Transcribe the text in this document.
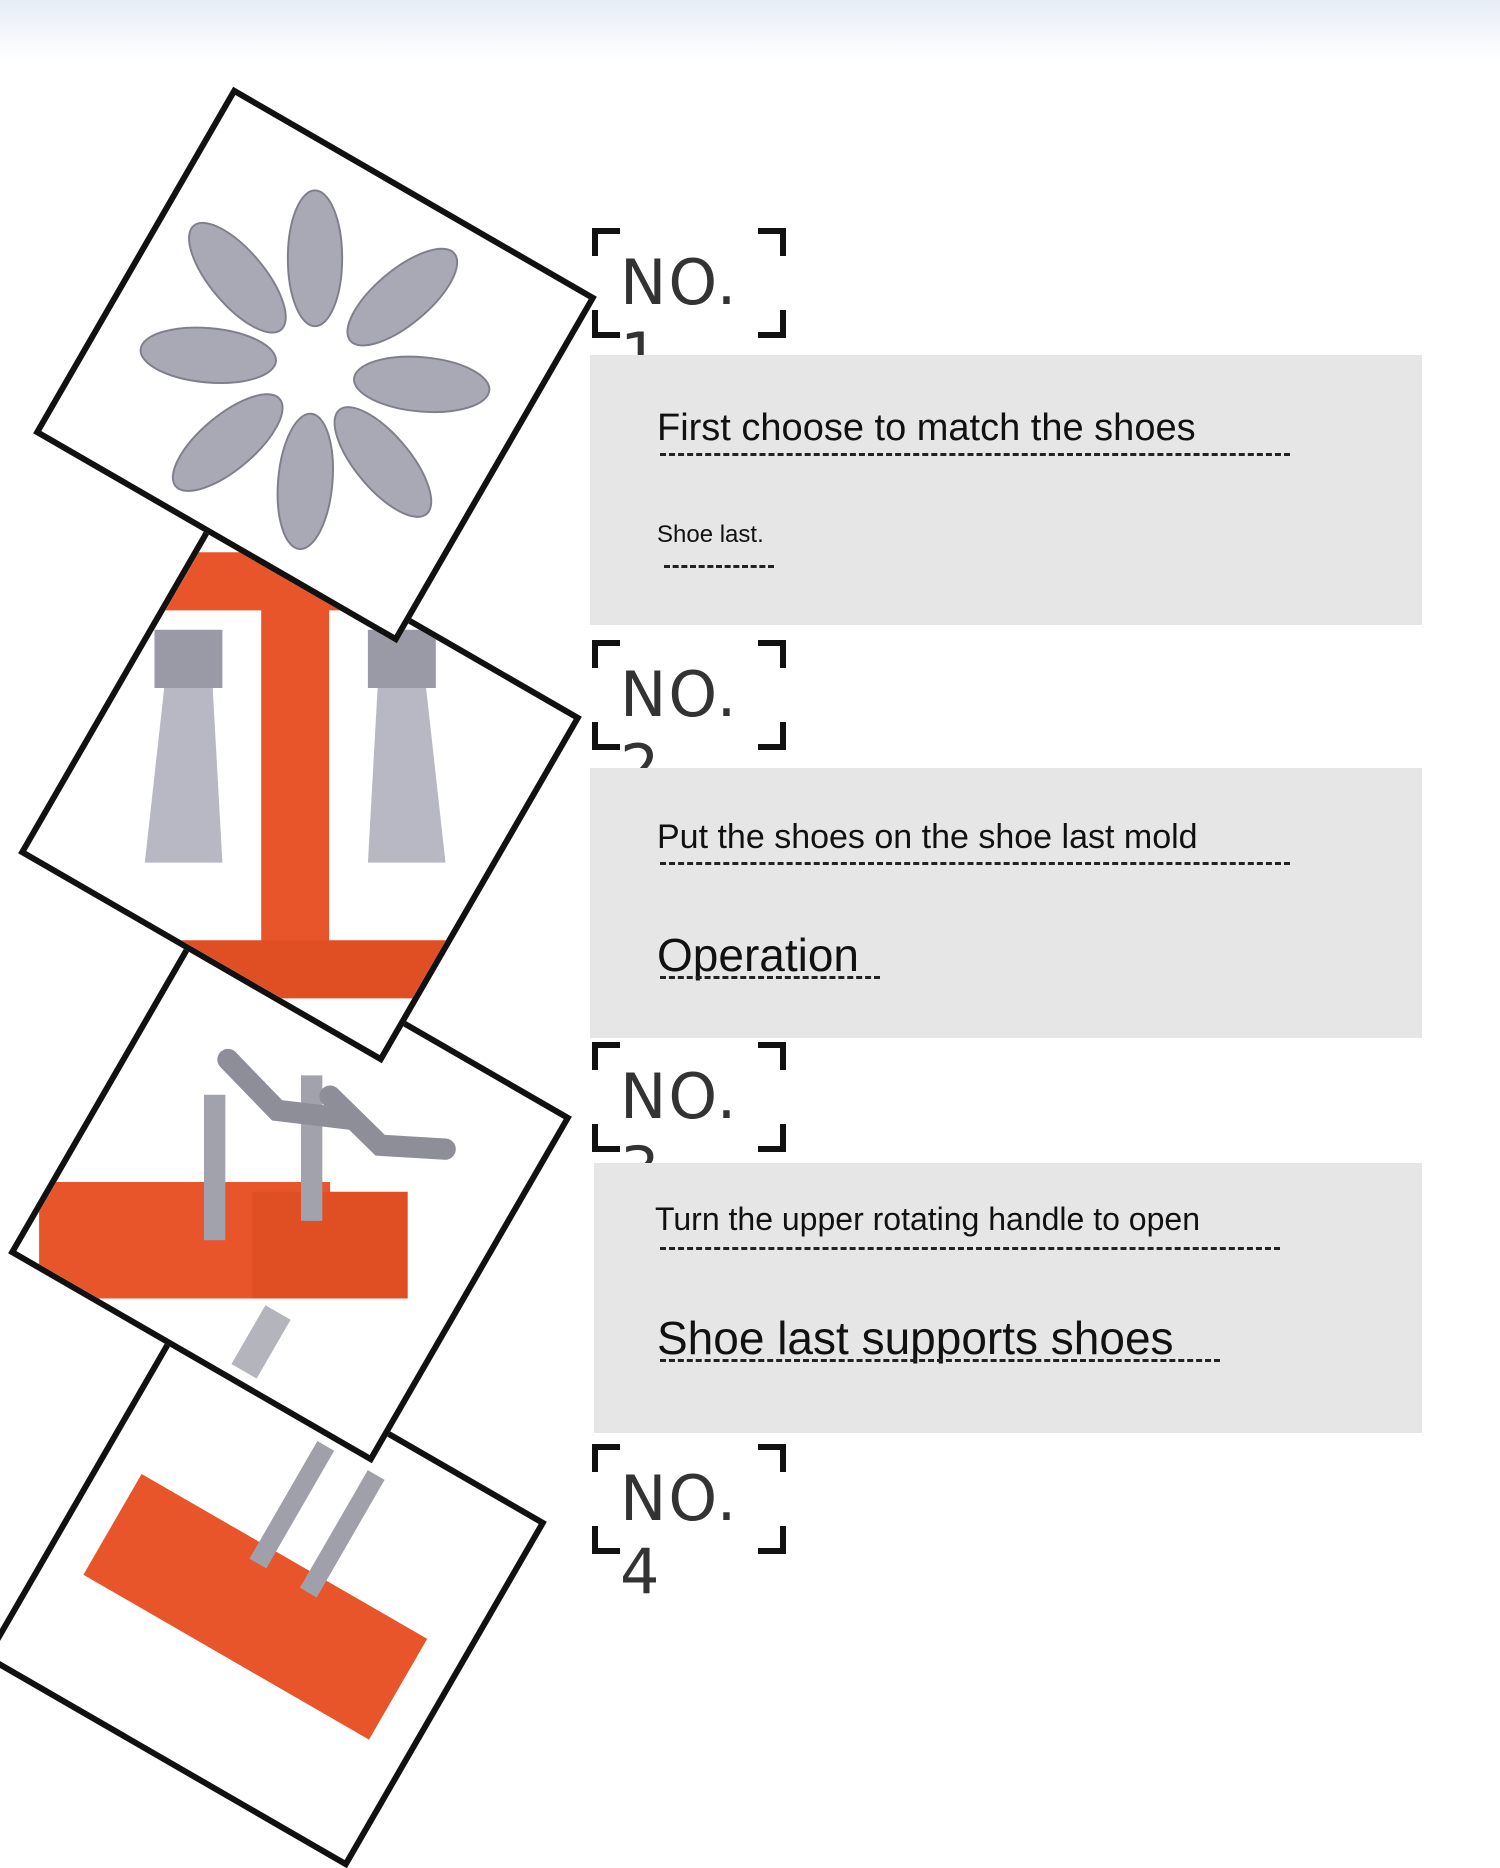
NO.
First choose to match the shoes
Shoe last.
NO.
Put the shoes on the shoe last mold
Operation
NO.
Turn the upper rotating handle to open
Shoe last supports shoes
NO. 4
